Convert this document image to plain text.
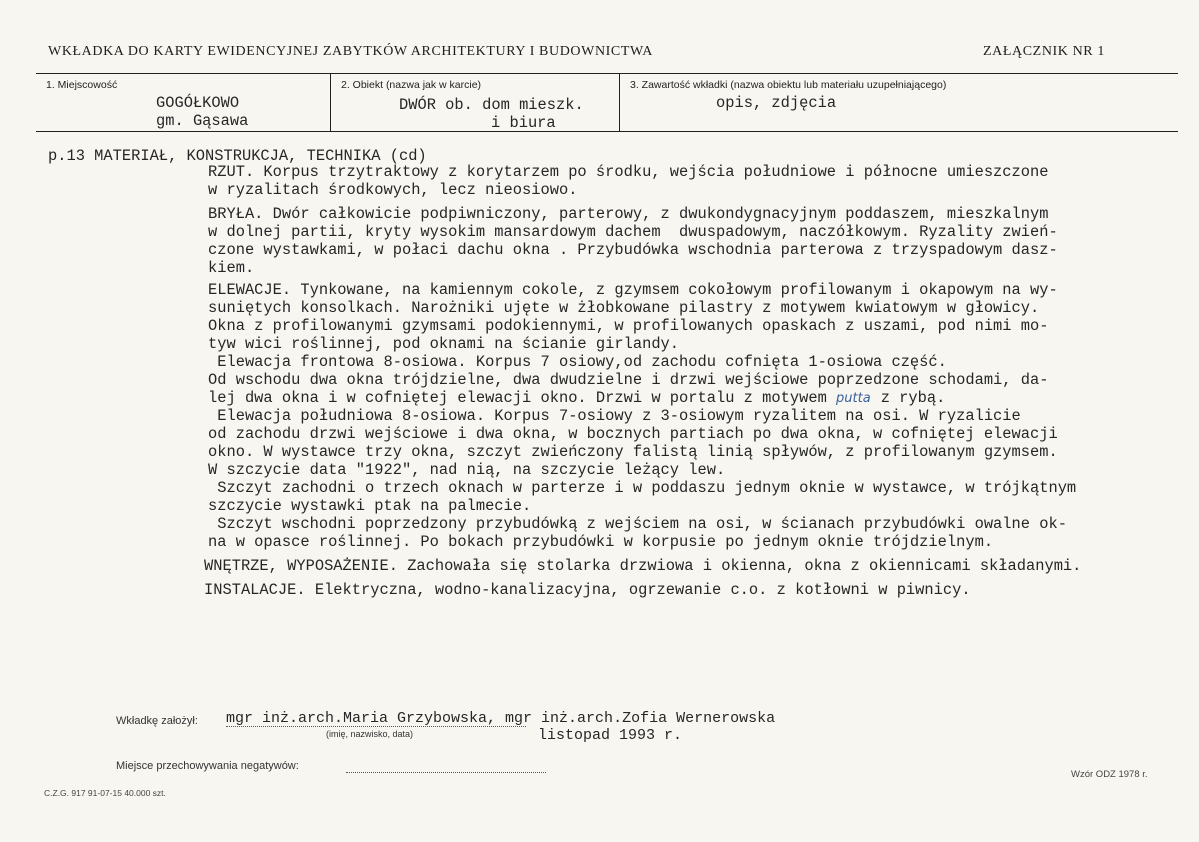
WKŁADKA DO KARTY EWIDENCYJNEJ ZABYTKÓW ARCHITEKTURY I BUDOWNICTWA	ZAŁĄCZNIK NR 1
1. Miejscowość
GOGÓŁKOWO
gm. Gąsawa
2. Obiekt (nazwa jak w karcie)
DWÓR ob. dom mieszk.
i biura
3. Zawartość wkładki (nazwa obiektu lub materiału uzupełniającego)
opis, zdjęcia
p.13 MATERIAŁ, KONSTRUKCJA, TECHNIKA (cd)
RZUT. Korpus trzytraktowy z korytarzem po środku, wejścia południowe i północne umieszczone
w ryzalitach środkowych, lecz nieosiowo.
BRYŁA. Dwór całkowicie podpiwniczony, parterowy, z dwukondygnacyjnym poddaszem, mieszkalnym
w dolnej partii, kryty wysokim mansardowym dachem  dwuspadowym, naczółkowym. Ryzality zwień-
czone wystawkami, w połaci dachu okna . Przybudówka wschodnia parterowa z trzyspadowym dasz-
kiem.
ELEWACJE. Tynkowane, na kamiennym cokole, z gzymsem cokołowym profilowanym i okapowym na wy-
suniętych konsolkach. Narożniki ujęte w żłobkowane pilastry z motywem kwiatowym w głowicy.
Okna z profilowanymi gzymsami podokiennymi, w profilowanych opaskach z uszami, pod nimi mo-
tyw wici roślinnej, pod oknami na ścianie girlandy.
Elewacja frontowa 8-osiowa. Korpus 7 osiowy,od zachodu cofnięta 1-osiowa część.
Od wschodu dwa okna trójdzielne, dwa dwudzielne i drzwi wejściowe poprzedzone schodami, da-
lej dwa okna i w cofniętej elewacji okno. Drzwi w portalu z motywem putta z rybą.
Elewacja południowa 8-osiowa. Korpus 7-osiowy z 3-osiowym ryzalitem na osi. W ryzalicie
od zachodu drzwi wejściowe i dwa okna, w bocznych partiach po dwa okna, w cofniętej elewacji
okno. W wystawce trzy okna, szczyt zwieńczony falistą linią spływów, z profilowanym gzymsem.
W szczycie data "1922", nad nią, na szczycie leżący lew.
Szczyt zachodni o trzech oknach w parterze i w poddaszu jednym oknie w wystawce, w trójkątnym
szczycie wystawki ptak na palmecie.
Szczyt wschodni poprzedzony przybudówką z wejściem na osi, w ścianach przybudówki owalne ok-
na w opasce roślinnej. Po bokach przybudówki w korpusie po jednym oknie trójdzielnym.
WNĘTRZE, WYPOSAŻENIE. Zachowała się stolarka drzwiowa i okienna, okna z okiennicami składanymi.
INSTALACJE. Elektryczna, wodno-kanalizacyjna, ogrzewanie c.o. z kotłowni w piwnicy.
Wkładkę założył: mgr inż.arch.Maria Grzybowska, mgr inż.arch.Zofia Wernerowska
(imię, nazwisko, data)	listopad 1993 r.
Miejsce przechowywania negatywów:
C.Z.G. 917 91-07-15 40.000 szt.
Wzór ODZ 1978 r.
